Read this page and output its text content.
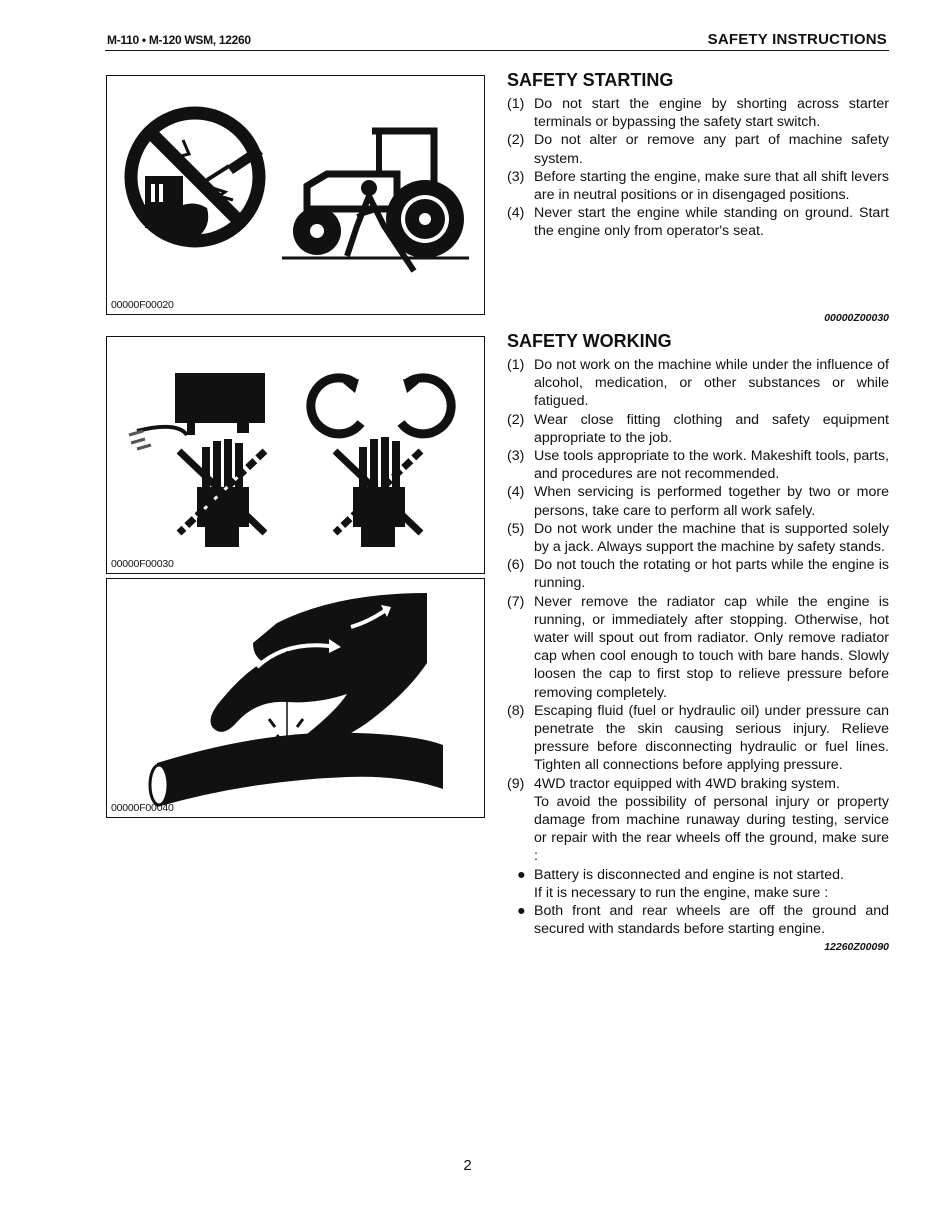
M-110 • M-120 WSM, 12260	SAFETY INSTRUCTIONS
00000F00020
00000F00030
00000F00040
SAFETY STARTING
(1) Do not start the engine by shorting across starter terminals or bypassing the safety start switch.
(2) Do not alter or remove any part of machine safety system.
(3) Before starting the engine, make sure that all shift levers are in neutral positions or in disengaged positions.
(4) Never start the engine while standing on ground. Start the engine only from operator's seat.
00000Z00030
SAFETY WORKING
(1) Do not work on the machine while under the influence of alcohol, medication, or other substances or while fatigued.
(2) Wear close fitting clothing and safety equipment appropriate to the job.
(3) Use tools appropriate to the work. Makeshift tools, parts, and procedures are not recommended.
(4) When servicing is performed together by two or more persons, take care to perform all work safely.
(5) Do not work under the machine that is supported solely by a jack. Always support the machine by safety stands.
(6) Do not touch the rotating or hot parts while the engine is running.
(7) Never remove the radiator cap while the engine is running, or immediately after stopping. Otherwise, hot water will spout out from radiator. Only remove radiator cap when cool enough to touch with bare hands. Slowly loosen the cap to first stop to relieve pressure before removing completely.
(8) Escaping fluid (fuel or hydraulic oil) under pressure can penetrate the skin causing serious injury. Relieve pressure before disconnecting hydraulic or fuel lines. Tighten all connections before applying pressure.
(9) 4WD tractor equipped with 4WD braking system.
To avoid the possibility of personal injury or property damage from machine runaway during testing, service or repair with the rear wheels off the ground, make sure :
● Battery is disconnected and engine is not started.
If it is necessary to run the engine, make sure :
● Both front and rear wheels are off the ground and secured with standards before starting engine.
12260Z00090
2
